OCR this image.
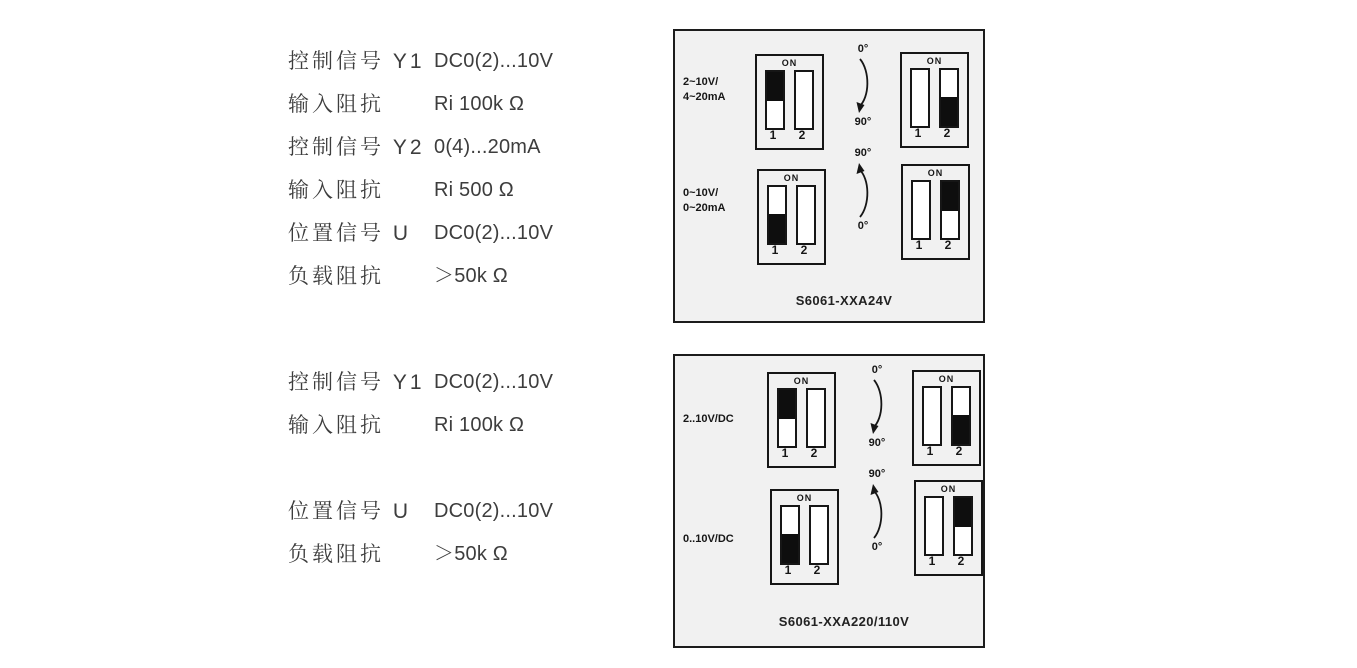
控制信号 Y1 DC0(2)...10V
输入阻抗	Ri 100k Ω
控制信号 Y2 0(4)...20mA
输入阻抗	Ri 500 Ω
位置信号 U DC0(2)...10V
负载阻抗	＞50k Ω
控制信号 Y1 DC0(2)...10V
输入阻抗	Ri 100k Ω
位置信号 U DC0(2)...10V
负载阻抗	＞50k Ω
2~10V/
4~20mA
ON
1	2
0°
90°
ON
1	2
0~10V/
0~20mA
ON
1	2
90°
0°
ON
1	2
S6061-XXA24V
2..10V/DC
ON
1	2
0°
90°
ON
1	2
0..10V/DC
ON
1	2
90°
0°
ON
1	2
S6061-XXA220/110V
